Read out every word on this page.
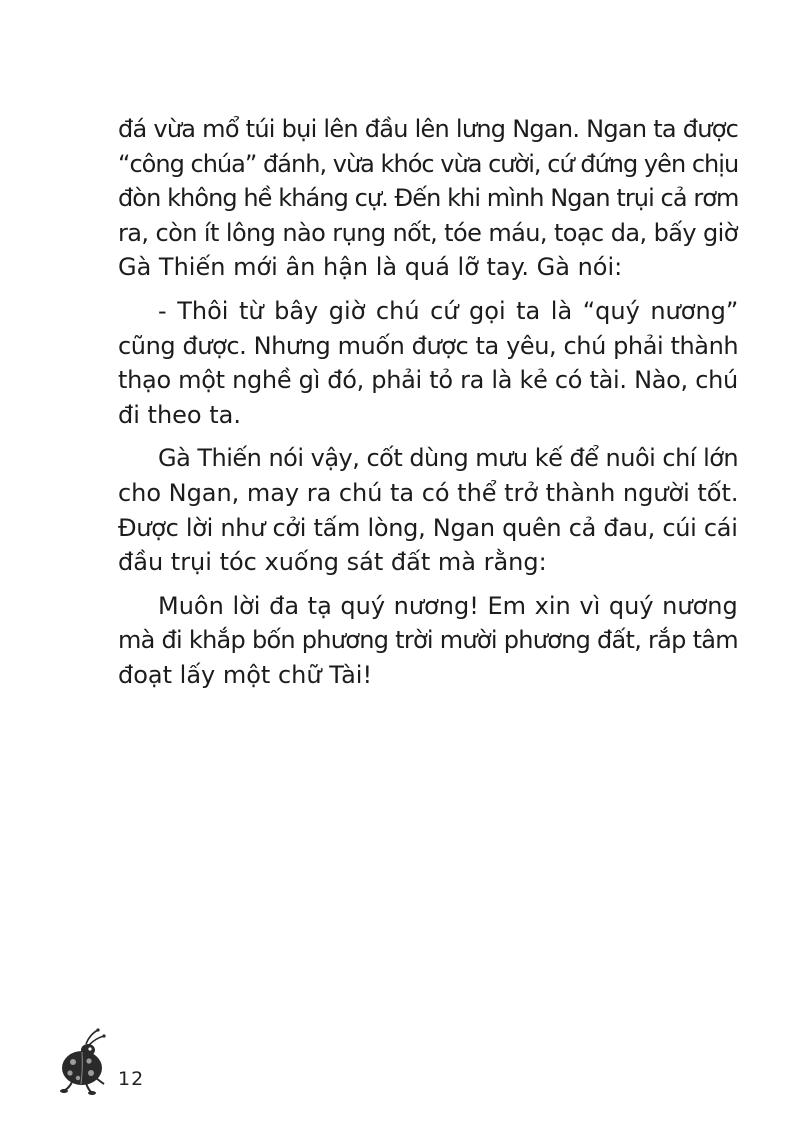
đá vừa mổ túi bụi lên đầu lên lưng Ngan. Ngan ta được
“công chúa” đánh, vừa khóc vừa cười, cứ đứng yên chịu
đòn không hề kháng cự. Đến khi mình Ngan trụi cả rơm
ra, còn ít lông nào rụng nốt, tóe máu, toạc da, bấy giờ
Gà Thiến mới ân hận là quá lỡ tay. Gà nói:

- Thôi từ bây giờ chú cứ gọi ta là “quý nương”
cũng được. Nhưng muốn được ta yêu, chú phải thành
thạo một nghề gì đó, phải tỏ ra là kẻ có tài. Nào, chú
đi theo ta.

Gà Thiến nói vậy, cốt dùng mưu kế để nuôi chí lớn
cho Ngan, may ra chú ta có thể trở thành người tốt.
Được lời như cởi tấm lòng, Ngan quên cả đau, cúi cái
đầu trụi tóc xuống sát đất mà rằng:

Muôn lời đa tạ quý nương! Em xin vì quý nương
mà đi khắp bốn phương trời mười phương đất, rắp tâm
đoạt lấy một chữ Tài!

12
